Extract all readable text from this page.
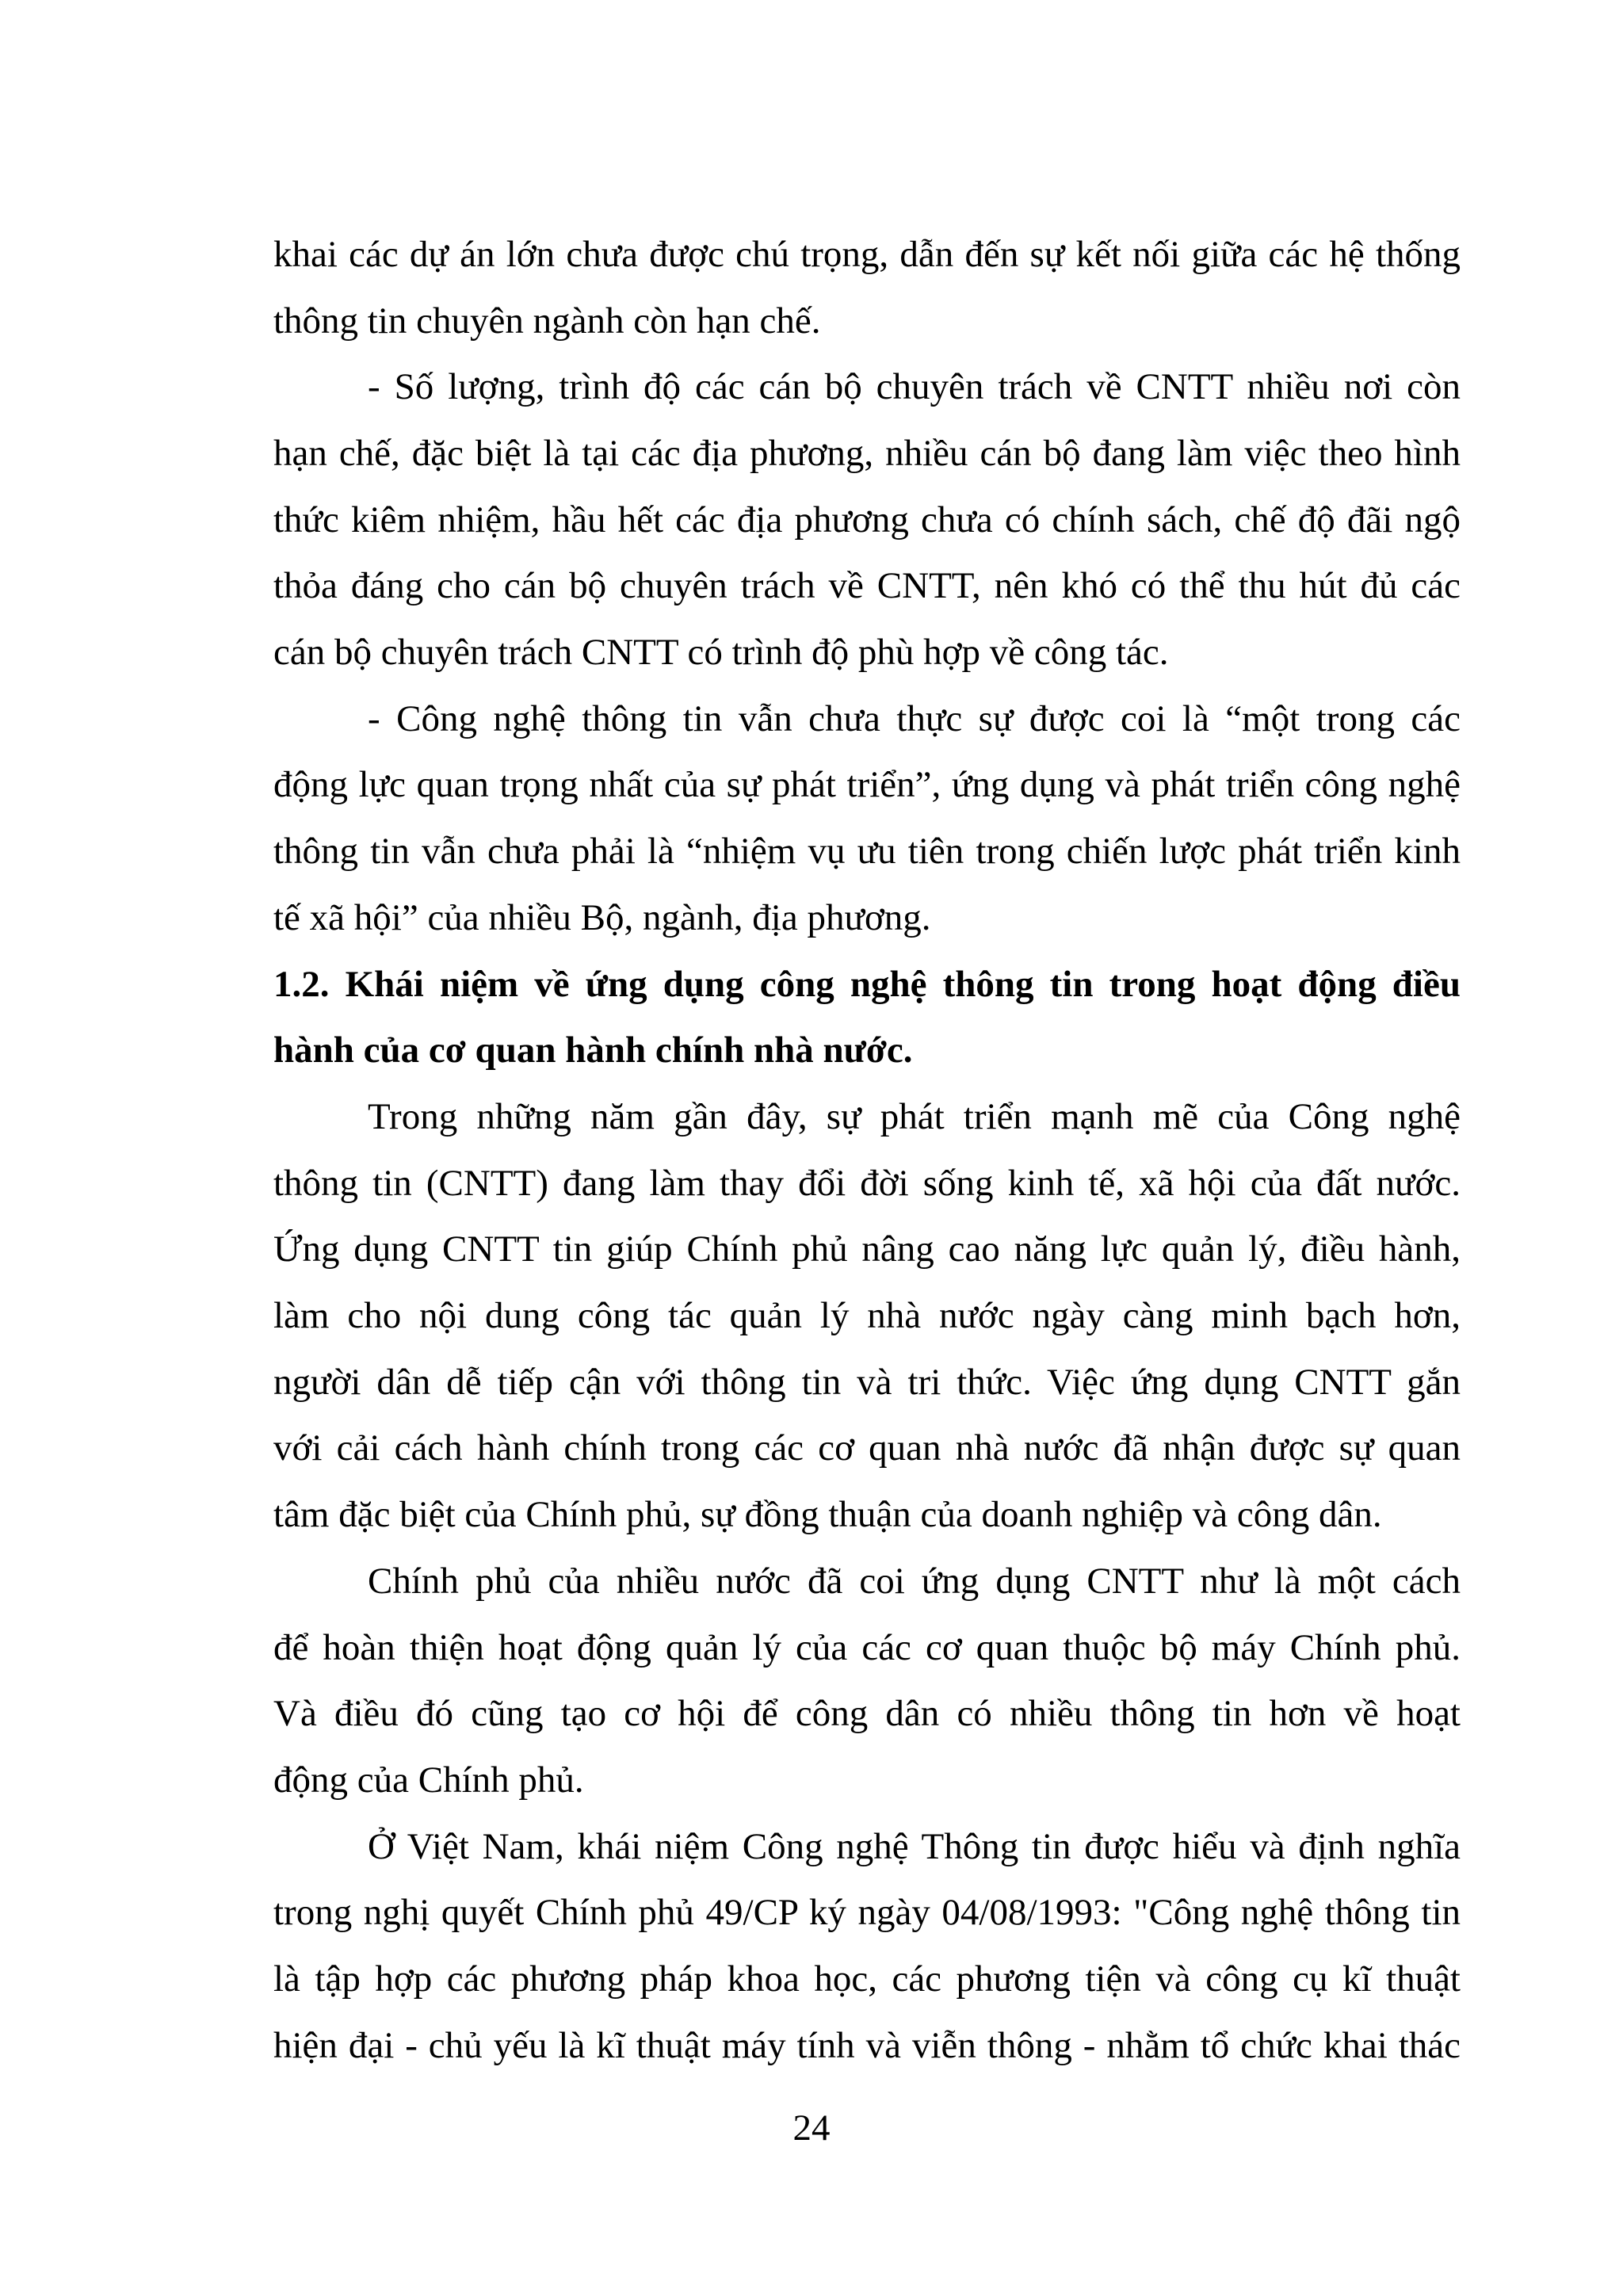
khai các dự án lớn chưa được chú trọng, dẫn đến sự kết nối giữa các hệ thống
thông tin chuyên ngành còn hạn chế.
- Số lượng, trình độ các cán bộ chuyên trách về CNTT nhiều nơi còn
hạn chế, đặc biệt là tại các địa phương, nhiều cán bộ đang làm việc theo hình
thức kiêm nhiệm, hầu hết các địa phương chưa có chính sách, chế độ đãi ngộ
thỏa đáng cho cán bộ chuyên trách về CNTT, nên khó có thể thu hút đủ các
cán bộ chuyên trách CNTT có trình độ phù hợp về công tác.
- Công nghệ thông tin vẫn chưa thực sự được coi là “một trong các
động lực quan trọng nhất của sự phát triển”, ứng dụng và phát triển công nghệ
thông tin vẫn chưa phải là “nhiệm vụ ưu tiên trong chiến lược phát triển kinh
tế xã hội” của nhiều Bộ, ngành, địa phương.
1.2. Khái niệm về ứng dụng công nghệ thông tin trong hoạt động điều
hành của cơ quan hành chính nhà nước.
Trong những năm gần đây, sự phát triển mạnh mẽ của Công nghệ
thông tin (CNTT) đang làm thay đổi đời sống kinh tế, xã hội của đất nước.
Ứng dụng CNTT tin giúp Chính phủ nâng cao năng lực quản lý, điều hành,
làm cho nội dung công tác quản lý nhà nước ngày càng minh bạch hơn,
người dân dễ tiếp cận với thông tin và tri thức. Việc ứng dụng CNTT gắn
với cải cách hành chính trong các cơ quan nhà nước đã nhận được sự quan
tâm đặc biệt của Chính phủ, sự đồng thuận của doanh nghiệp và công dân.
Chính phủ của nhiều nước đã coi ứng dụng CNTT như là một cách
để hoàn thiện hoạt động quản lý của các cơ quan thuộc bộ máy Chính phủ.
Và điều đó cũng tạo cơ hội để công dân có nhiều thông tin hơn về hoạt
động của Chính phủ.
Ở Việt Nam, khái niệm Công nghệ Thông tin được hiểu và định nghĩa
trong nghị quyết Chính phủ 49/CP ký ngày 04/08/1993: "Công nghệ thông tin
là tập hợp các phương pháp khoa học, các phương tiện và công cụ kĩ thuật
hiện đại - chủ yếu là kĩ thuật máy tính và viễn thông - nhằm tổ chức khai thác
24
